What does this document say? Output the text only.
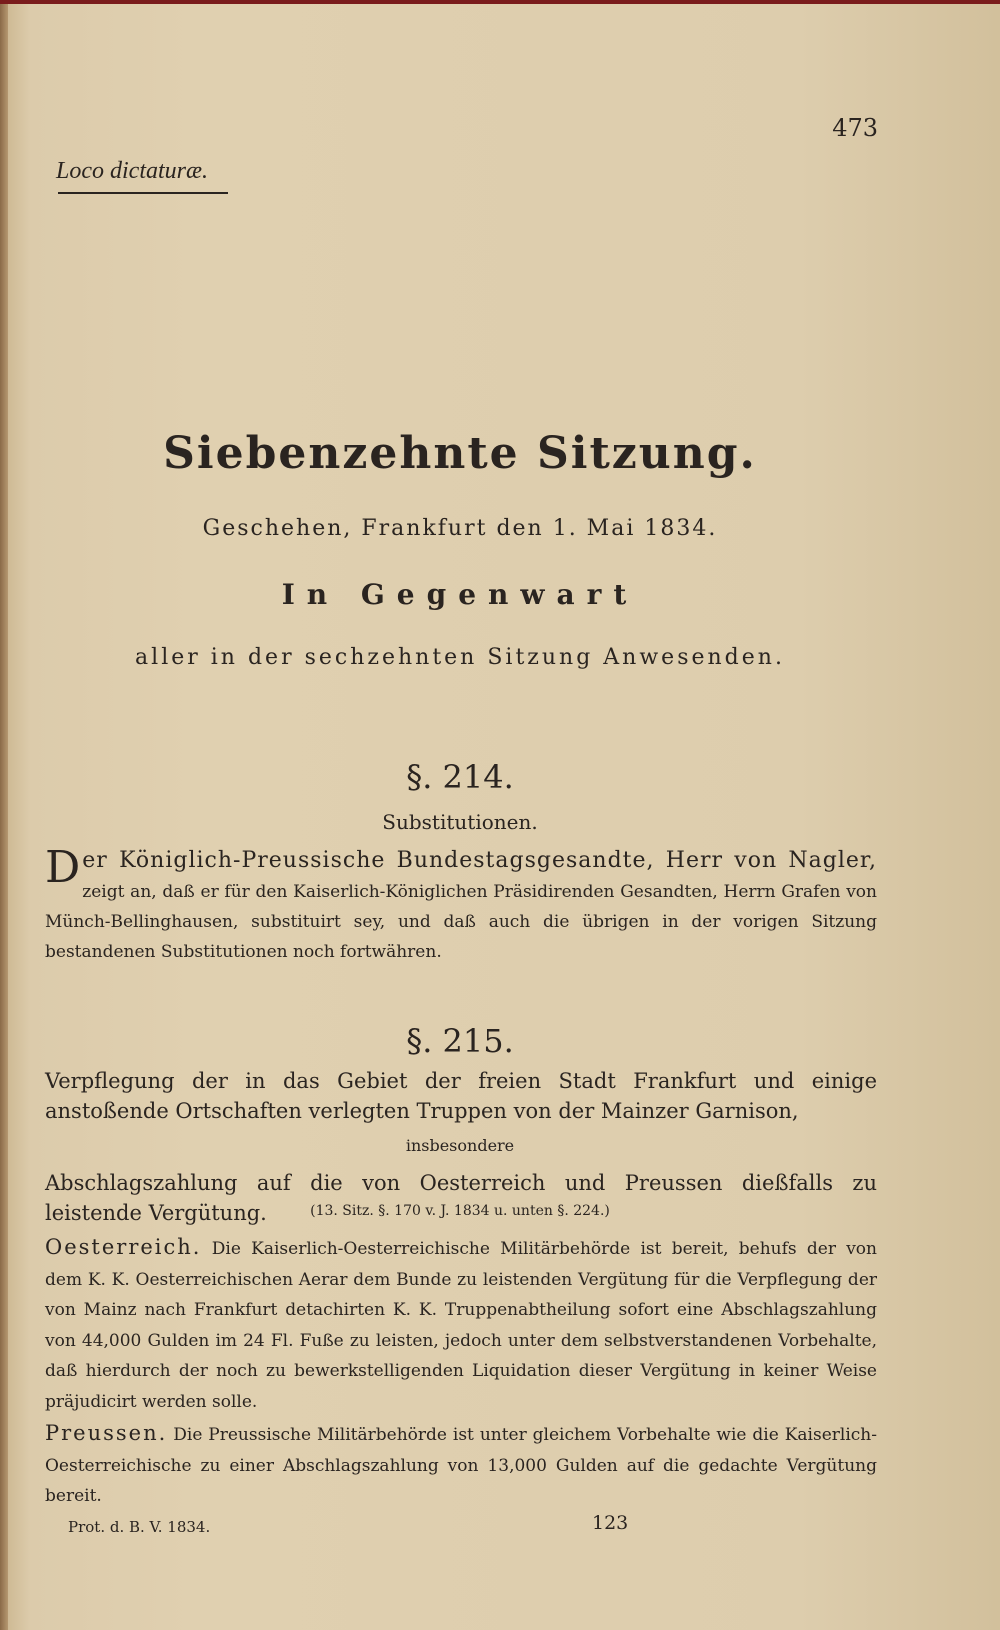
473
Loco dictaturæ.
Siebenzehnte Sitzung.
Geschehen, Frankfurt den 1. Mai 1834.
In Gegenwart
aller in der sechzehnten Sitzung Anwesenden.
§. 214.
Substitutionen.
Der Königlich-Preussische Bundestagsgesandte, Herr von Nagler, zeigt an, daß er für den Kaiserlich-Königlichen Präsidirenden Gesandten, Herrn Grafen von Münch-Bellinghausen, substituirt sey, und daß auch die übrigen in der vorigen Sitzung bestandenen Substitutionen noch fortwähren.
§. 215.
Verpflegung der in das Gebiet der freien Stadt Frankfurt und einige anstoßende Ortschaften verlegten Truppen von der Mainzer Garnison,
insbesondere
Abschlagszahlung auf die von Oesterreich und Preussen dießfalls zu leistende Vergütung.	(13. Sitz. §. 170 v. J. 1834 u. unten §. 224.)
Oesterreich. Die Kaiserlich-Oesterreichische Militärbehörde ist bereit, behufs der von dem K. K. Oesterreichischen Aerar dem Bunde zu leistenden Vergütung für die Verpflegung der von Mainz nach Frankfurt detachirten K. K. Truppenabtheilung sofort eine Abschlagszahlung von 44,000 Gulden im 24 Fl. Fuße zu leisten, jedoch unter dem selbstverstandenen Vorbehalte, daß hierdurch der noch zu bewerkstelligenden Liquidation dieser Vergütung in keiner Weise präjudicirt werden solle.
Preussen. Die Preussische Militärbehörde ist unter gleichem Vorbehalte wie die Kaiserlich-Oesterreichische zu einer Abschlagszahlung von 13,000 Gulden auf die gedachte Vergütung bereit.
Prot. d. B. V. 1834.	123
